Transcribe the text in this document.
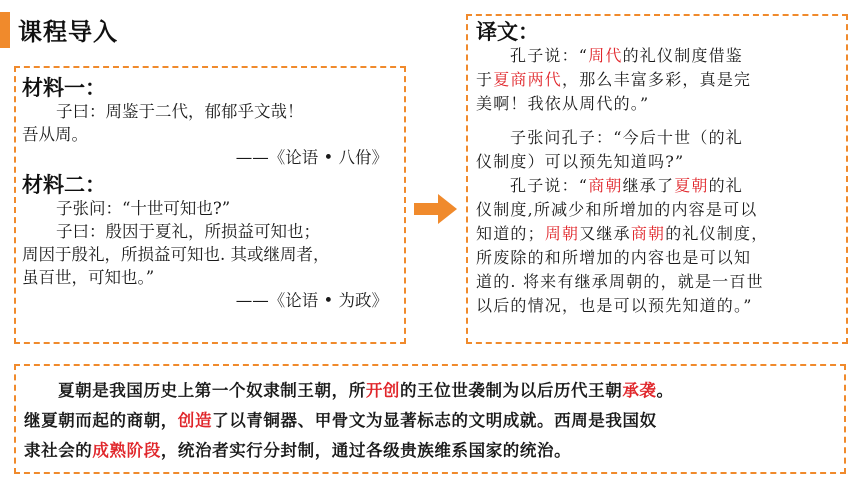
课程导入
材料一：
子曰：周鉴于二代，郁郁乎文哉！
吾从周。
——《论语 • 八佾》
材料二：
子张问：“十世可知也?”
子曰：殷因于夏礼，所损益可知也；
周因于殷礼，所损益可知也. 其或继周者，
虽百世，可知也。”
——《论语 • 为政》
译文：
孔子说：“周代的礼仪制度借鉴
于夏商两代，那么丰富多彩，真是完
美啊！我依从周代的。”
子张问孔子：“今后十世（的礼
仪制度）可以预先知道吗?”
孔子说：“商朝继承了夏朝的礼
仪制度,所减少和所增加的内容是可以
知道的；周朝又继承商朝的礼仪制度，
所废除的和所增加的内容也是可以知
道的. 将来有继承周朝的，就是一百世
以后的情况，也是可以预先知道的。”
夏朝是我国历史上第一个奴隶制王朝，所开创的王位世袭制为以后历代王朝承袭。
继夏朝而起的商朝，创造了以青铜器、甲骨文为显著标志的文明成就。西周是我国奴
隶社会的成熟阶段，统治者实行分封制，通过各级贵族维系国家的统治。
